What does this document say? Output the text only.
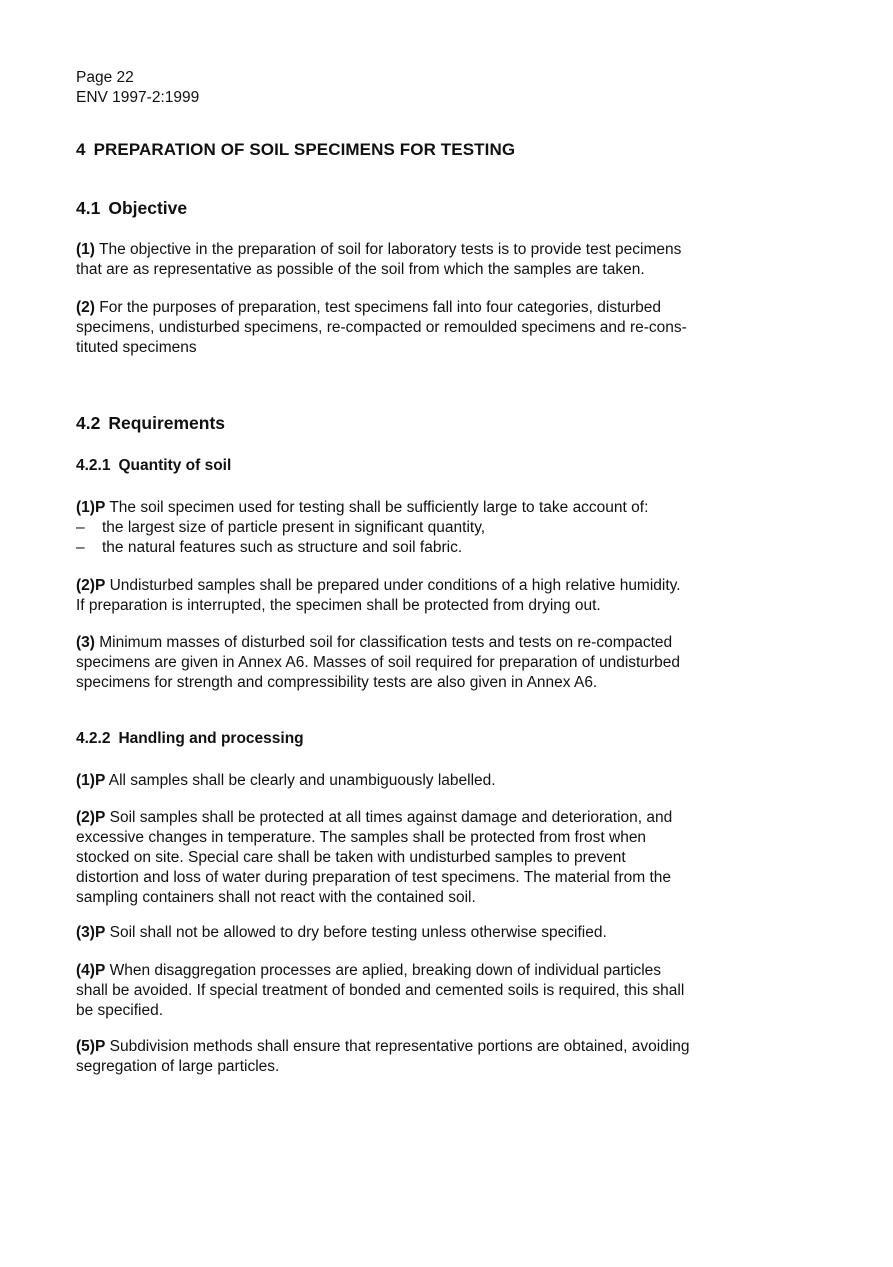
Page 22
ENV 1997-2:1999
4 PREPARATION OF SOIL SPECIMENS FOR TESTING
4.1 Objective
(1) The objective in the preparation of soil for laboratory tests is to provide test pecimens
that are as representative as possible of the soil from which the samples are taken.
(2) For the purposes of preparation, test specimens fall into four categories, disturbed
specimens, undisturbed specimens, re-compacted or remoulded specimens and re-cons-
tituted specimens
4.2 Requirements
4.2.1 Quantity of soil
(1)P The soil specimen used for testing shall be sufficiently large to take account of:
– the largest size of particle present in significant quantity,
– the natural features such as structure and soil fabric.
(2)P Undisturbed samples shall be prepared under conditions of a high relative humidity.
If preparation is interrupted, the specimen shall be protected from drying out.
(3) Minimum masses of disturbed soil for classification tests and tests on re-compacted
specimens are given in Annex A6. Masses of soil required for preparation of undisturbed
specimens for strength and compressibility tests are also given in Annex A6.
4.2.2 Handling and processing
(1)P All samples shall be clearly and unambiguously labelled.
(2)P Soil samples shall be protected at all times against damage and deterioration, and
excessive changes in temperature. The samples shall be protected from frost when
stocked on site. Special care shall be taken with undisturbed samples to prevent
distortion and loss of water during preparation of test specimens. The material from the
sampling containers shall not react with the contained soil.
(3)P Soil shall not be allowed to dry before testing unless otherwise specified.
(4)P When disaggregation processes are aplied, breaking down of individual particles
shall be avoided. If special treatment of bonded and cemented soils is required, this shall
be specified.
(5)P Subdivision methods shall ensure that representative portions are obtained, avoiding
segregation of large particles.
